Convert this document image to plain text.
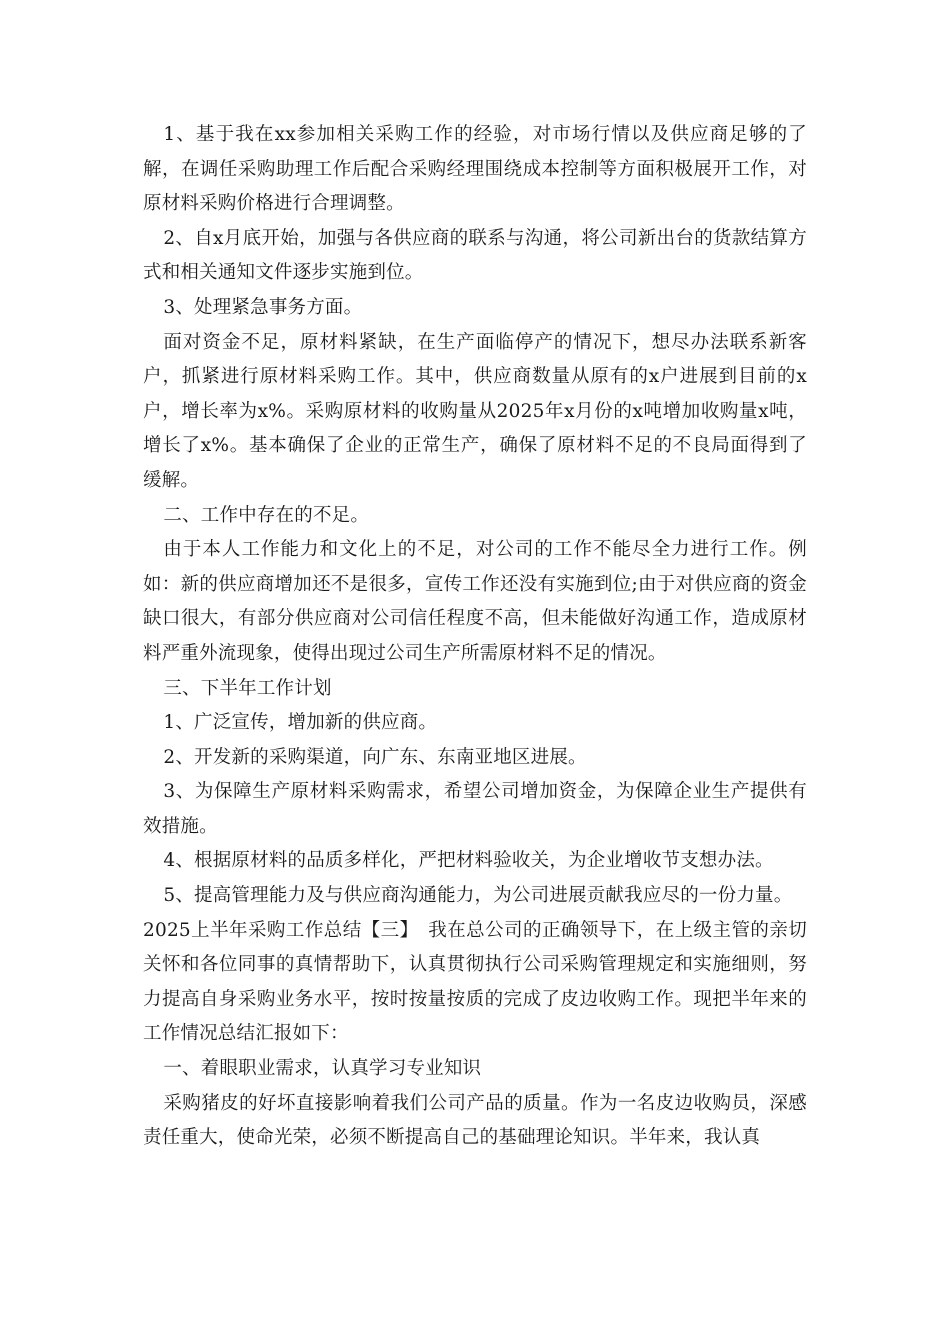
1、基于我在xx参加相关采购工作的经验，对市场行情以及供应商足够的了解，在调任采购助理工作后配合采购经理围绕成本控制等方面积极展开工作，对原材料采购价格进行合理调整。

2、自x月底开始，加强与各供应商的联系与沟通，将公司新出台的货款结算方式和相关通知文件逐步实施到位。

3、处理紧急事务方面。

面对资金不足，原材料紧缺，在生产面临停产的情况下，想尽办法联系新客户，抓紧进行原材料采购工作。其中，供应商数量从原有的x户进展到目前的x户，增长率为x%。采购原材料的收购量从2025年x月份的x吨增加收购量x吨，增长了x%。基本确保了企业的正常生产，确保了原材料不足的不良局面得到了缓解。

二、工作中存在的不足。

由于本人工作能力和文化上的不足，对公司的工作不能尽全力进行工作。例如：新的供应商增加还不是很多，宣传工作还没有实施到位;由于对供应商的资金缺口很大，有部分供应商对公司信任程度不高，但未能做好沟通工作，造成原材料严重外流现象，使得出现过公司生产所需原材料不足的情况。

三、下半年工作计划

1、广泛宣传，增加新的供应商。

2、开发新的采购渠道，向广东、东南亚地区进展。

3、为保障生产原材料采购需求，希望公司增加资金，为保障企业生产提供有效措施。

4、根据原材料的品质多样化，严把材料验收关，为企业增收节支想办法。

5、提高管理能力及与供应商沟通能力，为公司进展贡献我应尽的一份力量。

2025上半年采购工作总结【三】　我在总公司的正确领导下，在上级主管的亲切关怀和各位同事的真情帮助下，认真贯彻执行公司采购管理规定和实施细则，努力提高自身采购业务水平，按时按量按质的完成了皮边收购工作。现把半年来的工作情况总结汇报如下：

一、着眼职业需求，认真学习专业知识

采购猪皮的好坏直接影响着我们公司产品的质量。作为一名皮边收购员，深感责任重大，使命光荣，必须不断提高自己的基础理论知识。半年来，我认真
